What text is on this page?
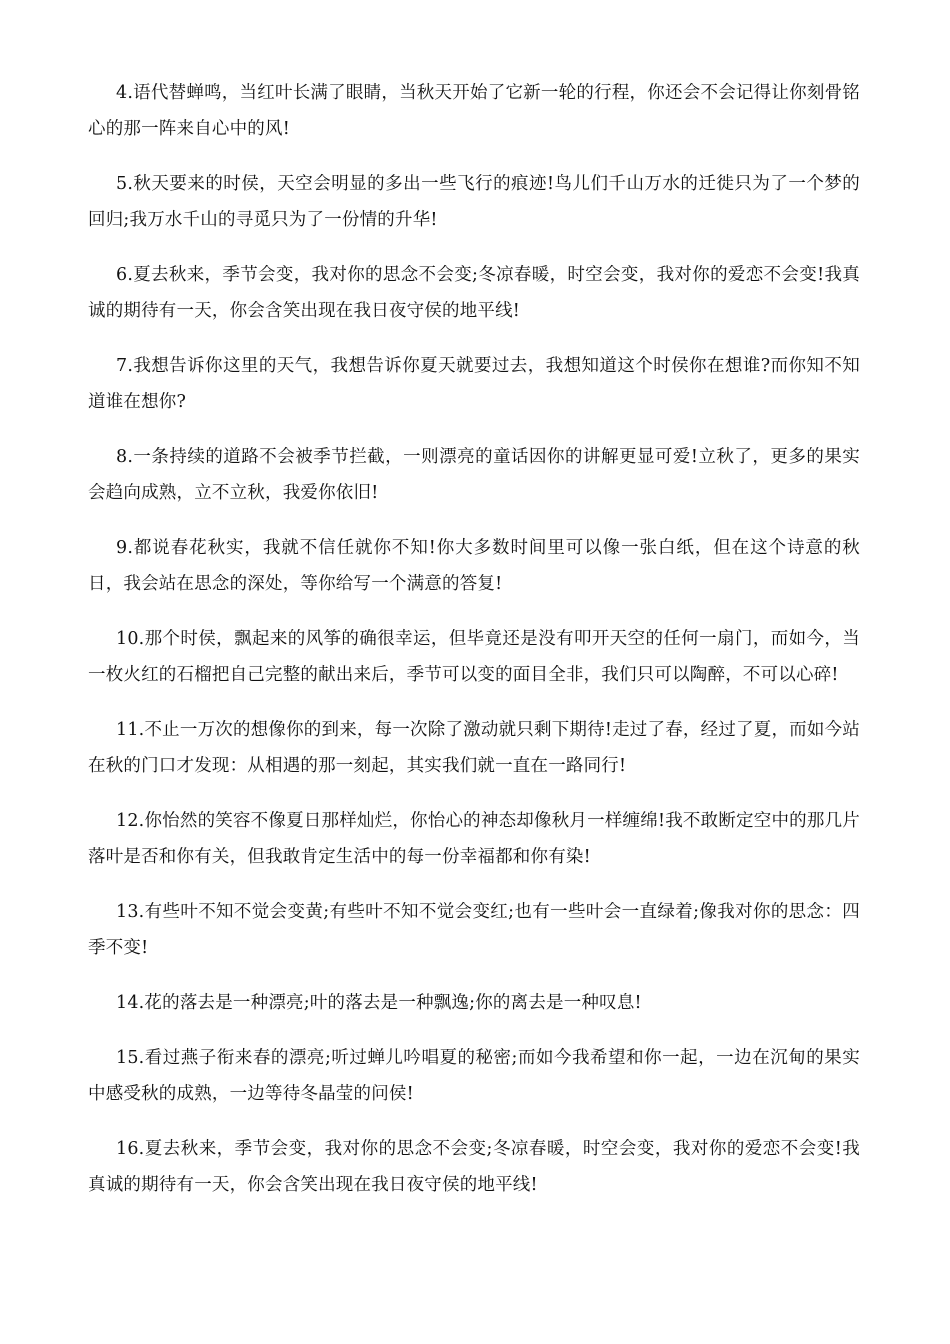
4.语代替蝉鸣，当红叶长满了眼睛，当秋天开始了它新一轮的行程，你还会不会记得让你刻骨铭心的那一阵来自心中的风!

5.秋天要来的时侯，天空会明显的多出一些飞行的痕迹!鸟儿们千山万水的迁徙只为了一个梦的回归;我万水千山的寻觅只为了一份情的升华!

6.夏去秋来，季节会变，我对你的思念不会变;冬凉春暖，时空会变，我对你的爱恋不会变!我真诚的期待有一天，你会含笑出现在我日夜守侯的地平线!

7.我想告诉你这里的天气，我想告诉你夏天就要过去，我想知道这个时侯你在想谁?而你知不知道谁在想你?

8.一条持续的道路不会被季节拦截，一则漂亮的童话因你的讲解更显可爱!立秋了，更多的果实会趋向成熟，立不立秋，我爱你依旧!

9.都说春花秋实，我就不信任就你不知!你大多数时间里可以像一张白纸，但在这个诗意的秋日，我会站在思念的深处，等你给写一个满意的答复!

10.那个时侯，飘起来的风筝的确很幸运，但毕竟还是没有叩开天空的任何一扇门，而如今，当一枚火红的石榴把自己完整的献出来后，季节可以变的面目全非，我们只可以陶醉，不可以心碎!

11.不止一万次的想像你的到来，每一次除了激动就只剩下期待!走过了春，经过了夏，而如今站在秋的门口才发现：从相遇的那一刻起，其实我们就一直在一路同行!

12.你怡然的笑容不像夏日那样灿烂，你怡心的神态却像秋月一样缠绵!我不敢断定空中的那几片落叶是否和你有关，但我敢肯定生活中的每一份幸福都和你有染!

13.有些叶不知不觉会变黄;有些叶不知不觉会变红;也有一些叶会一直绿着;像我对你的思念：四季不变!

14.花的落去是一种漂亮;叶的落去是一种飘逸;你的离去是一种叹息!

15.看过燕子衔来春的漂亮;听过蝉儿吟唱夏的秘密;而如今我希望和你一起，一边在沉甸的果实中感受秋的成熟，一边等待冬晶莹的问侯!

16.夏去秋来，季节会变，我对你的思念不会变;冬凉春暖，时空会变，我对你的爱恋不会变!我真诚的期待有一天，你会含笑出现在我日夜守侯的地平线!
